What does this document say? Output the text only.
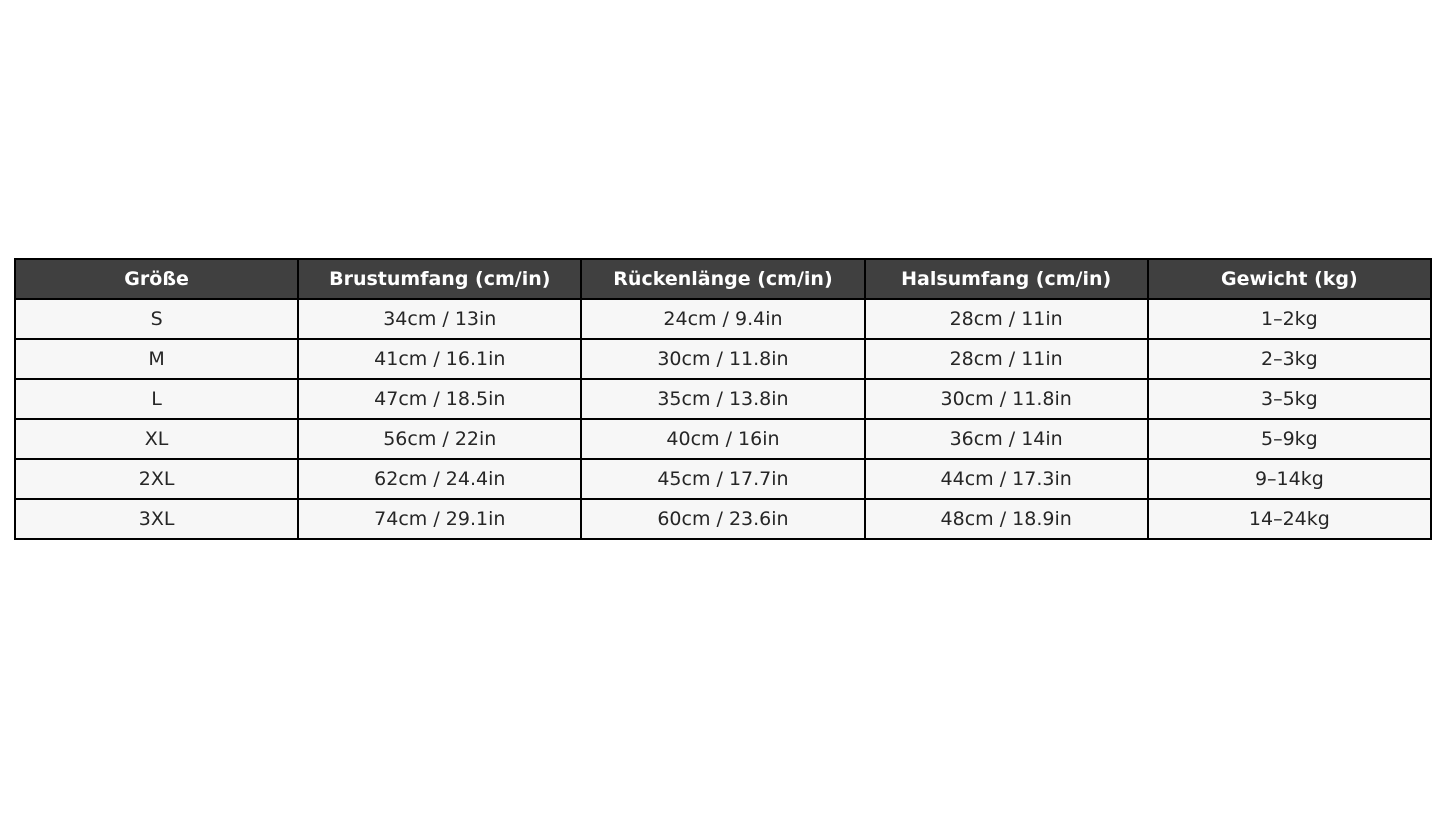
Größe	Brustumfang (cm/in)	Rückenlänge (cm/in)	Halsumfang (cm/in)	Gewicht (kg)
S	34cm / 13in	24cm / 9.4in	28cm / 11in	1–2kg
M	41cm / 16.1in	30cm / 11.8in	28cm / 11in	2–3kg
L	47cm / 18.5in	35cm / 13.8in	30cm / 11.8in	3–5kg
XL	56cm / 22in	40cm / 16in	36cm / 14in	5–9kg
2XL	62cm / 24.4in	45cm / 17.7in	44cm / 17.3in	9–14kg
3XL	74cm / 29.1in	60cm / 23.6in	48cm / 18.9in	14–24kg
